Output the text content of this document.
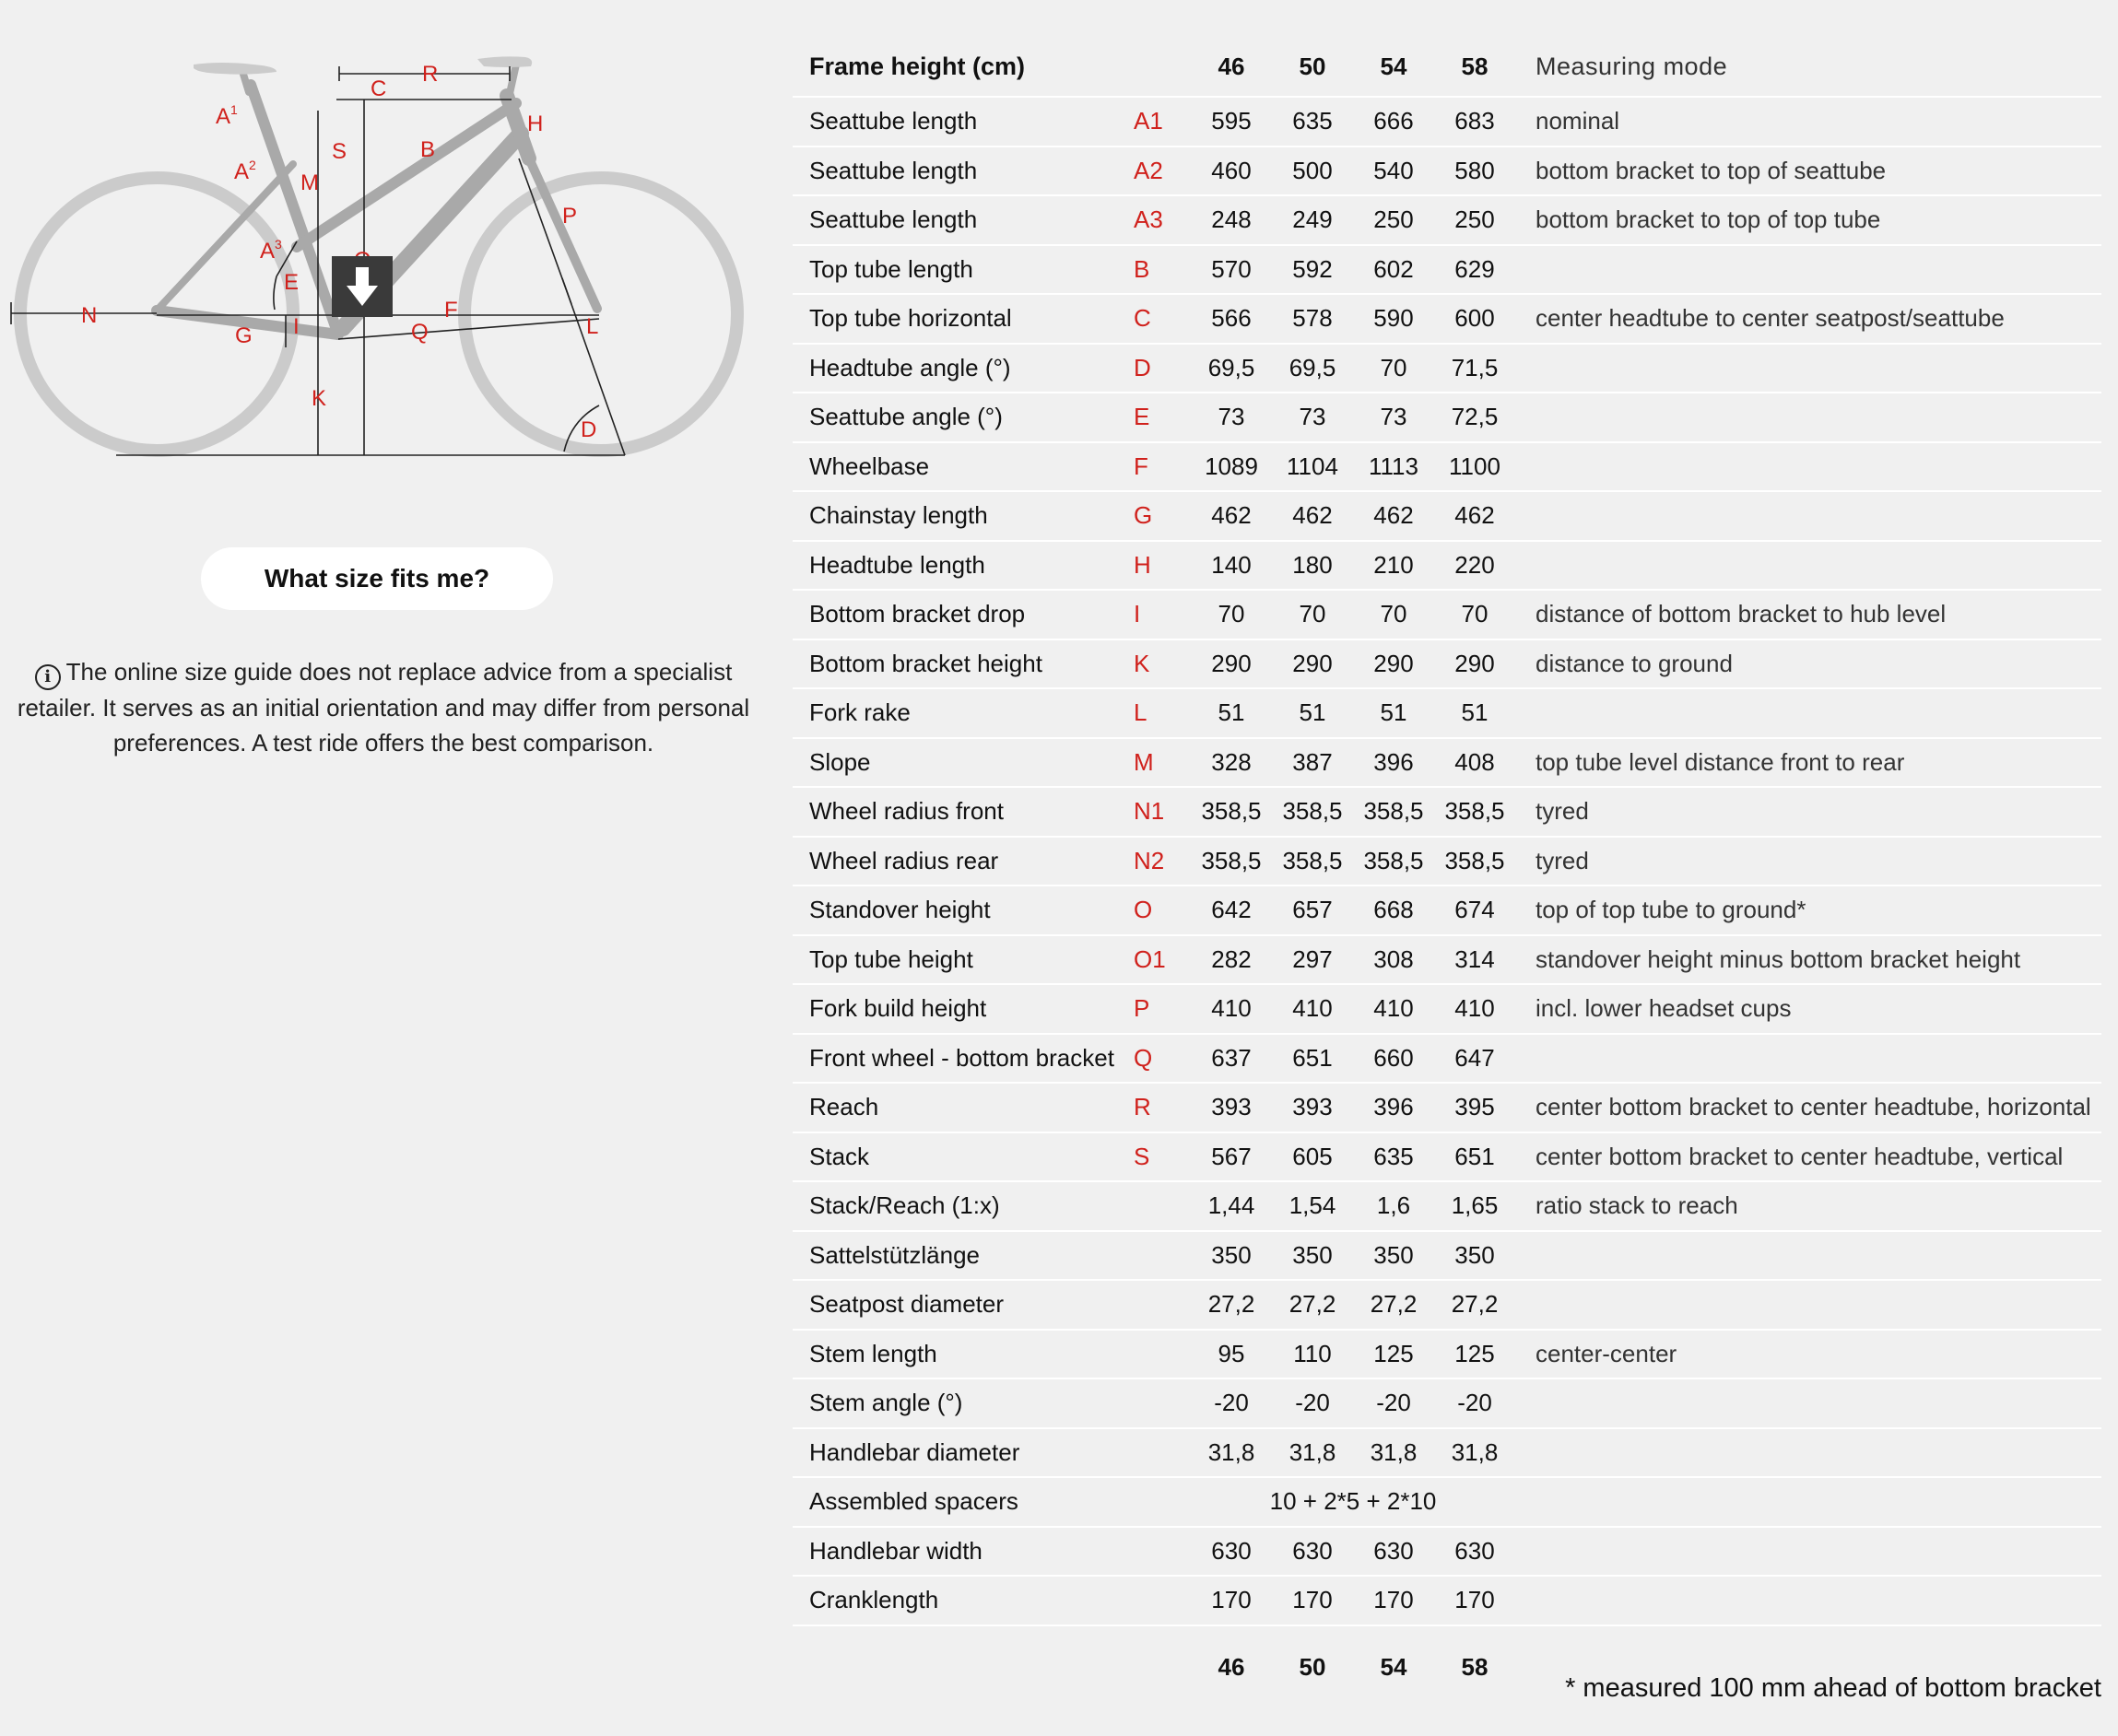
N
G
F
Q	L
D
K
I
E
M
S	B
C
R
H
P
$A^1$
$A^2$
$A^3$
What size fits me?
i The online size guide does not replace advice from a specialist retailer. It serves as an initial orientation and may differ from personal preferences. A test ride offers the best comparison.
Frame height (cm)		46	50	54	58	Measuring mode
Seattube length	A1	595	635	666	683	nominal
Seattube length	A2	460	500	540	580	bottom bracket to top of seattube
Seattube length	A3	248	249	250	250	bottom bracket to top of top tube
Top tube length	B	570	592	602	629	
Top tube horizontal	C	566	578	590	600	center headtube to center seatpost/seattube
Headtube angle (°)	D	69,5	69,5	70	71,5	
Seattube angle (°)	E	73	73	73	72,5	
Wheelbase	F	1089	1104	1113	1100	
Chainstay length	G	462	462	462	462	
Headtube length	H	140	180	210	220	
Bottom bracket drop	I	70	70	70	70	distance of bottom bracket to hub level
Bottom bracket height	K	290	290	290	290	distance to ground
Fork rake	L	51	51	51	51	
Slope	M	328	387	396	408	top tube level distance front to rear
Wheel radius front	N1	358,5	358,5	358,5	358,5	tyred
Wheel radius rear	N2	358,5	358,5	358,5	358,5	tyred
Standover height	O	642	657	668	674	top of top tube to ground*
Top tube height	O1	282	297	308	314	standover height minus bottom bracket height
Fork build height	P	410	410	410	410	incl. lower headset cups
Front wheel - bottom bracket	Q	637	651	660	647	
Reach	R	393	393	396	395	center bottom bracket to center headtube, horizontal
Stack	S	567	605	635	651	center bottom bracket to center headtube, vertical
Stack/Reach (1:x)		1,44	1,54	1,6	1,65	ratio stack to reach
Sattelstützlänge		350	350	350	350	
Seatpost diameter		27,2	27,2	27,2	27,2	
Stem length		95	110	125	125	center-center
Stem angle (°)		-20	-20	-20	-20	
Handlebar diameter		31,8	31,8	31,8	31,8	
Assembled spacers		10 + 2*5 + 2*10				
Handlebar width		630	630	630	630	
Cranklength		170	170	170	170	
		46	50	54	58	
* measured 100 mm ahead of bottom bracket
